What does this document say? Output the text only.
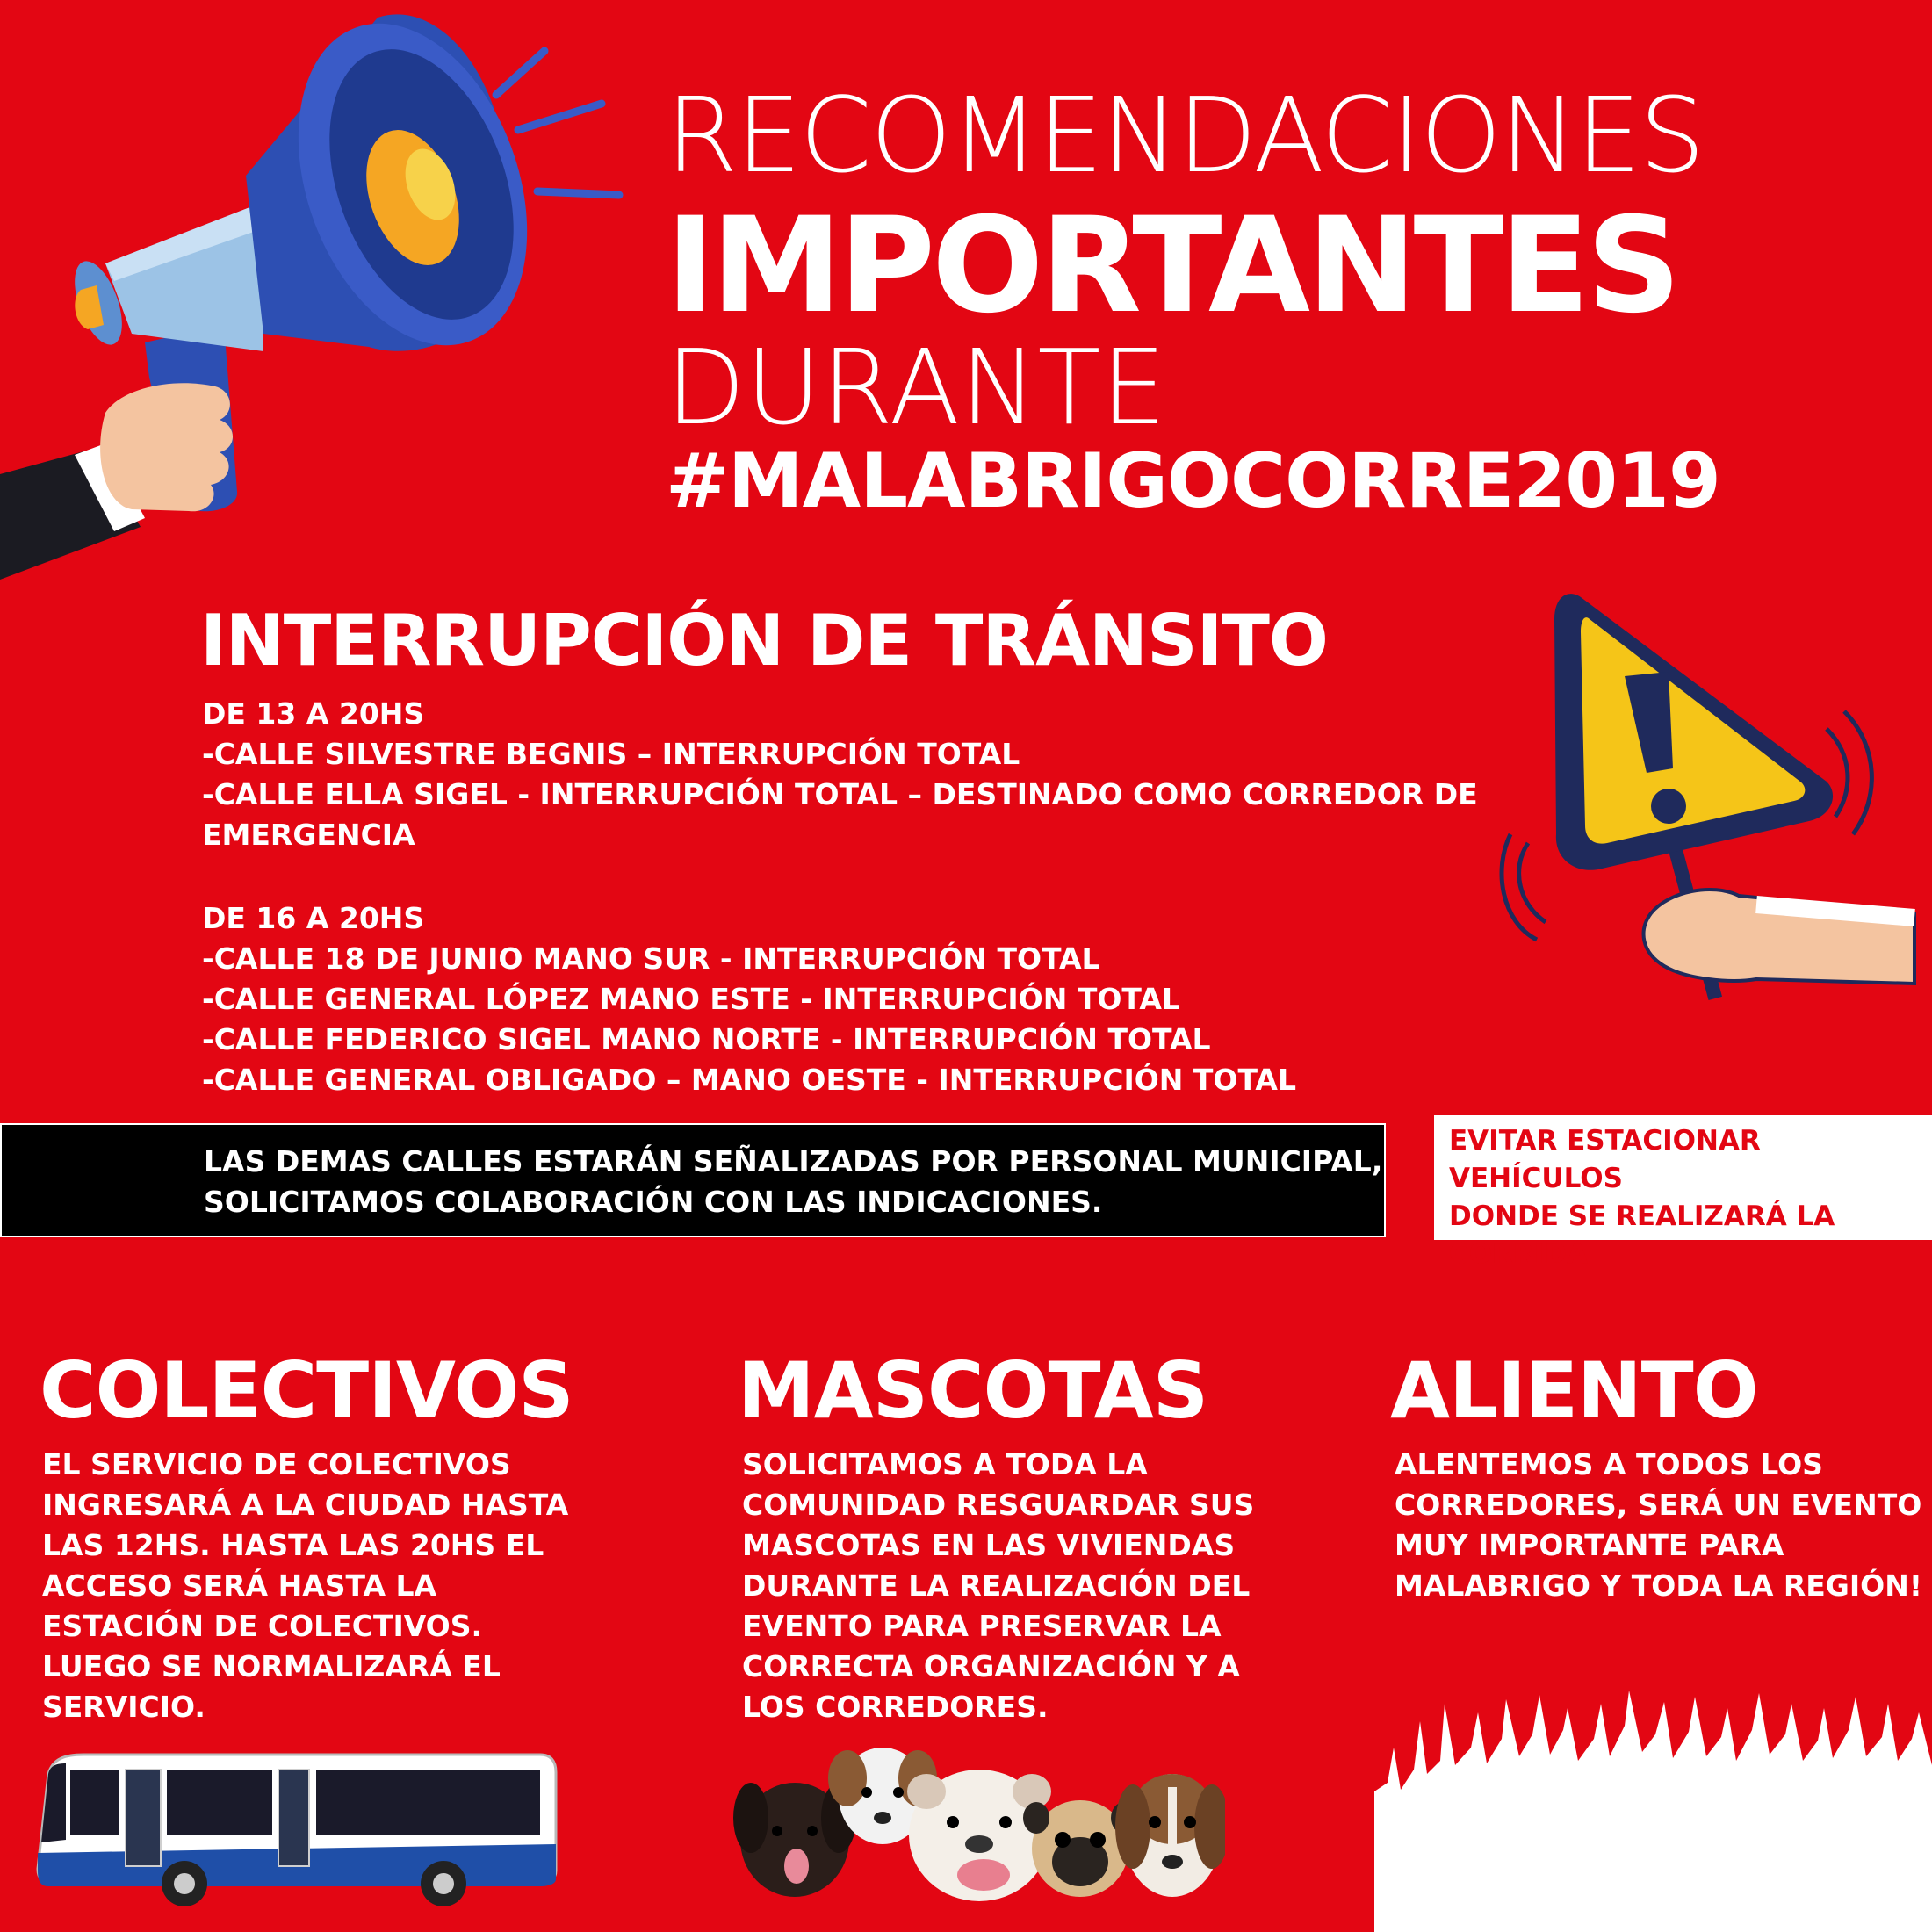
RECOMENDACIONES
IMPORTANTES
DURANTE
#MALABRIGOCORRE2019
INTERRUPCIÓN DE TRÁNSITO
DE 13 A 20HS
-CALLE SILVESTRE BEGNIS – INTERRUPCIÓN TOTAL
-CALLE ELLA SIGEL - INTERRUPCIÓN TOTAL – DESTINADO COMO CORREDOR DE
EMERGENCIA
DE 16 A 20HS
-CALLE 18 DE JUNIO MANO SUR - INTERRUPCIÓN TOTAL
-CALLE GENERAL LÓPEZ MANO ESTE - INTERRUPCIÓN TOTAL
-CALLE FEDERICO SIGEL MANO NORTE - INTERRUPCIÓN TOTAL
-CALLE GENERAL OBLIGADO – MANO OESTE - INTERRUPCIÓN TOTAL
LAS DEMAS CALLES ESTARÁN SEÑALIZADAS POR PERSONAL MUNICIPAL,
SOLICITAMOS COLABORACIÓN CON LAS INDICACIONES.
EVITAR ESTACIONAR VEHÍCULOS
DONDE SE REALIZARÁ LA
CORRIDA
COLECTIVOS
EL SERVICIO DE COLECTIVOS
INGRESARÁ A LA CIUDAD HASTA
LAS 12HS. HASTA LAS 20HS EL
ACCESO SERÁ HASTA LA
ESTACIÓN DE COLECTIVOS.
LUEGO SE NORMALIZARÁ EL
SERVICIO.
MASCOTAS
SOLICITAMOS A TODA LA
COMUNIDAD RESGUARDAR SUS
MASCOTAS EN LAS VIVIENDAS
DURANTE LA REALIZACIÓN DEL
EVENTO PARA PRESERVAR LA
CORRECTA ORGANIZACIÓN Y A
LOS CORREDORES.
ALIENTO
ALENTEMOS A TODOS LOS
CORREDORES, SERÁ UN EVENTO
MUY IMPORTANTE PARA
MALABRIGO Y TODA LA REGIÓN!
